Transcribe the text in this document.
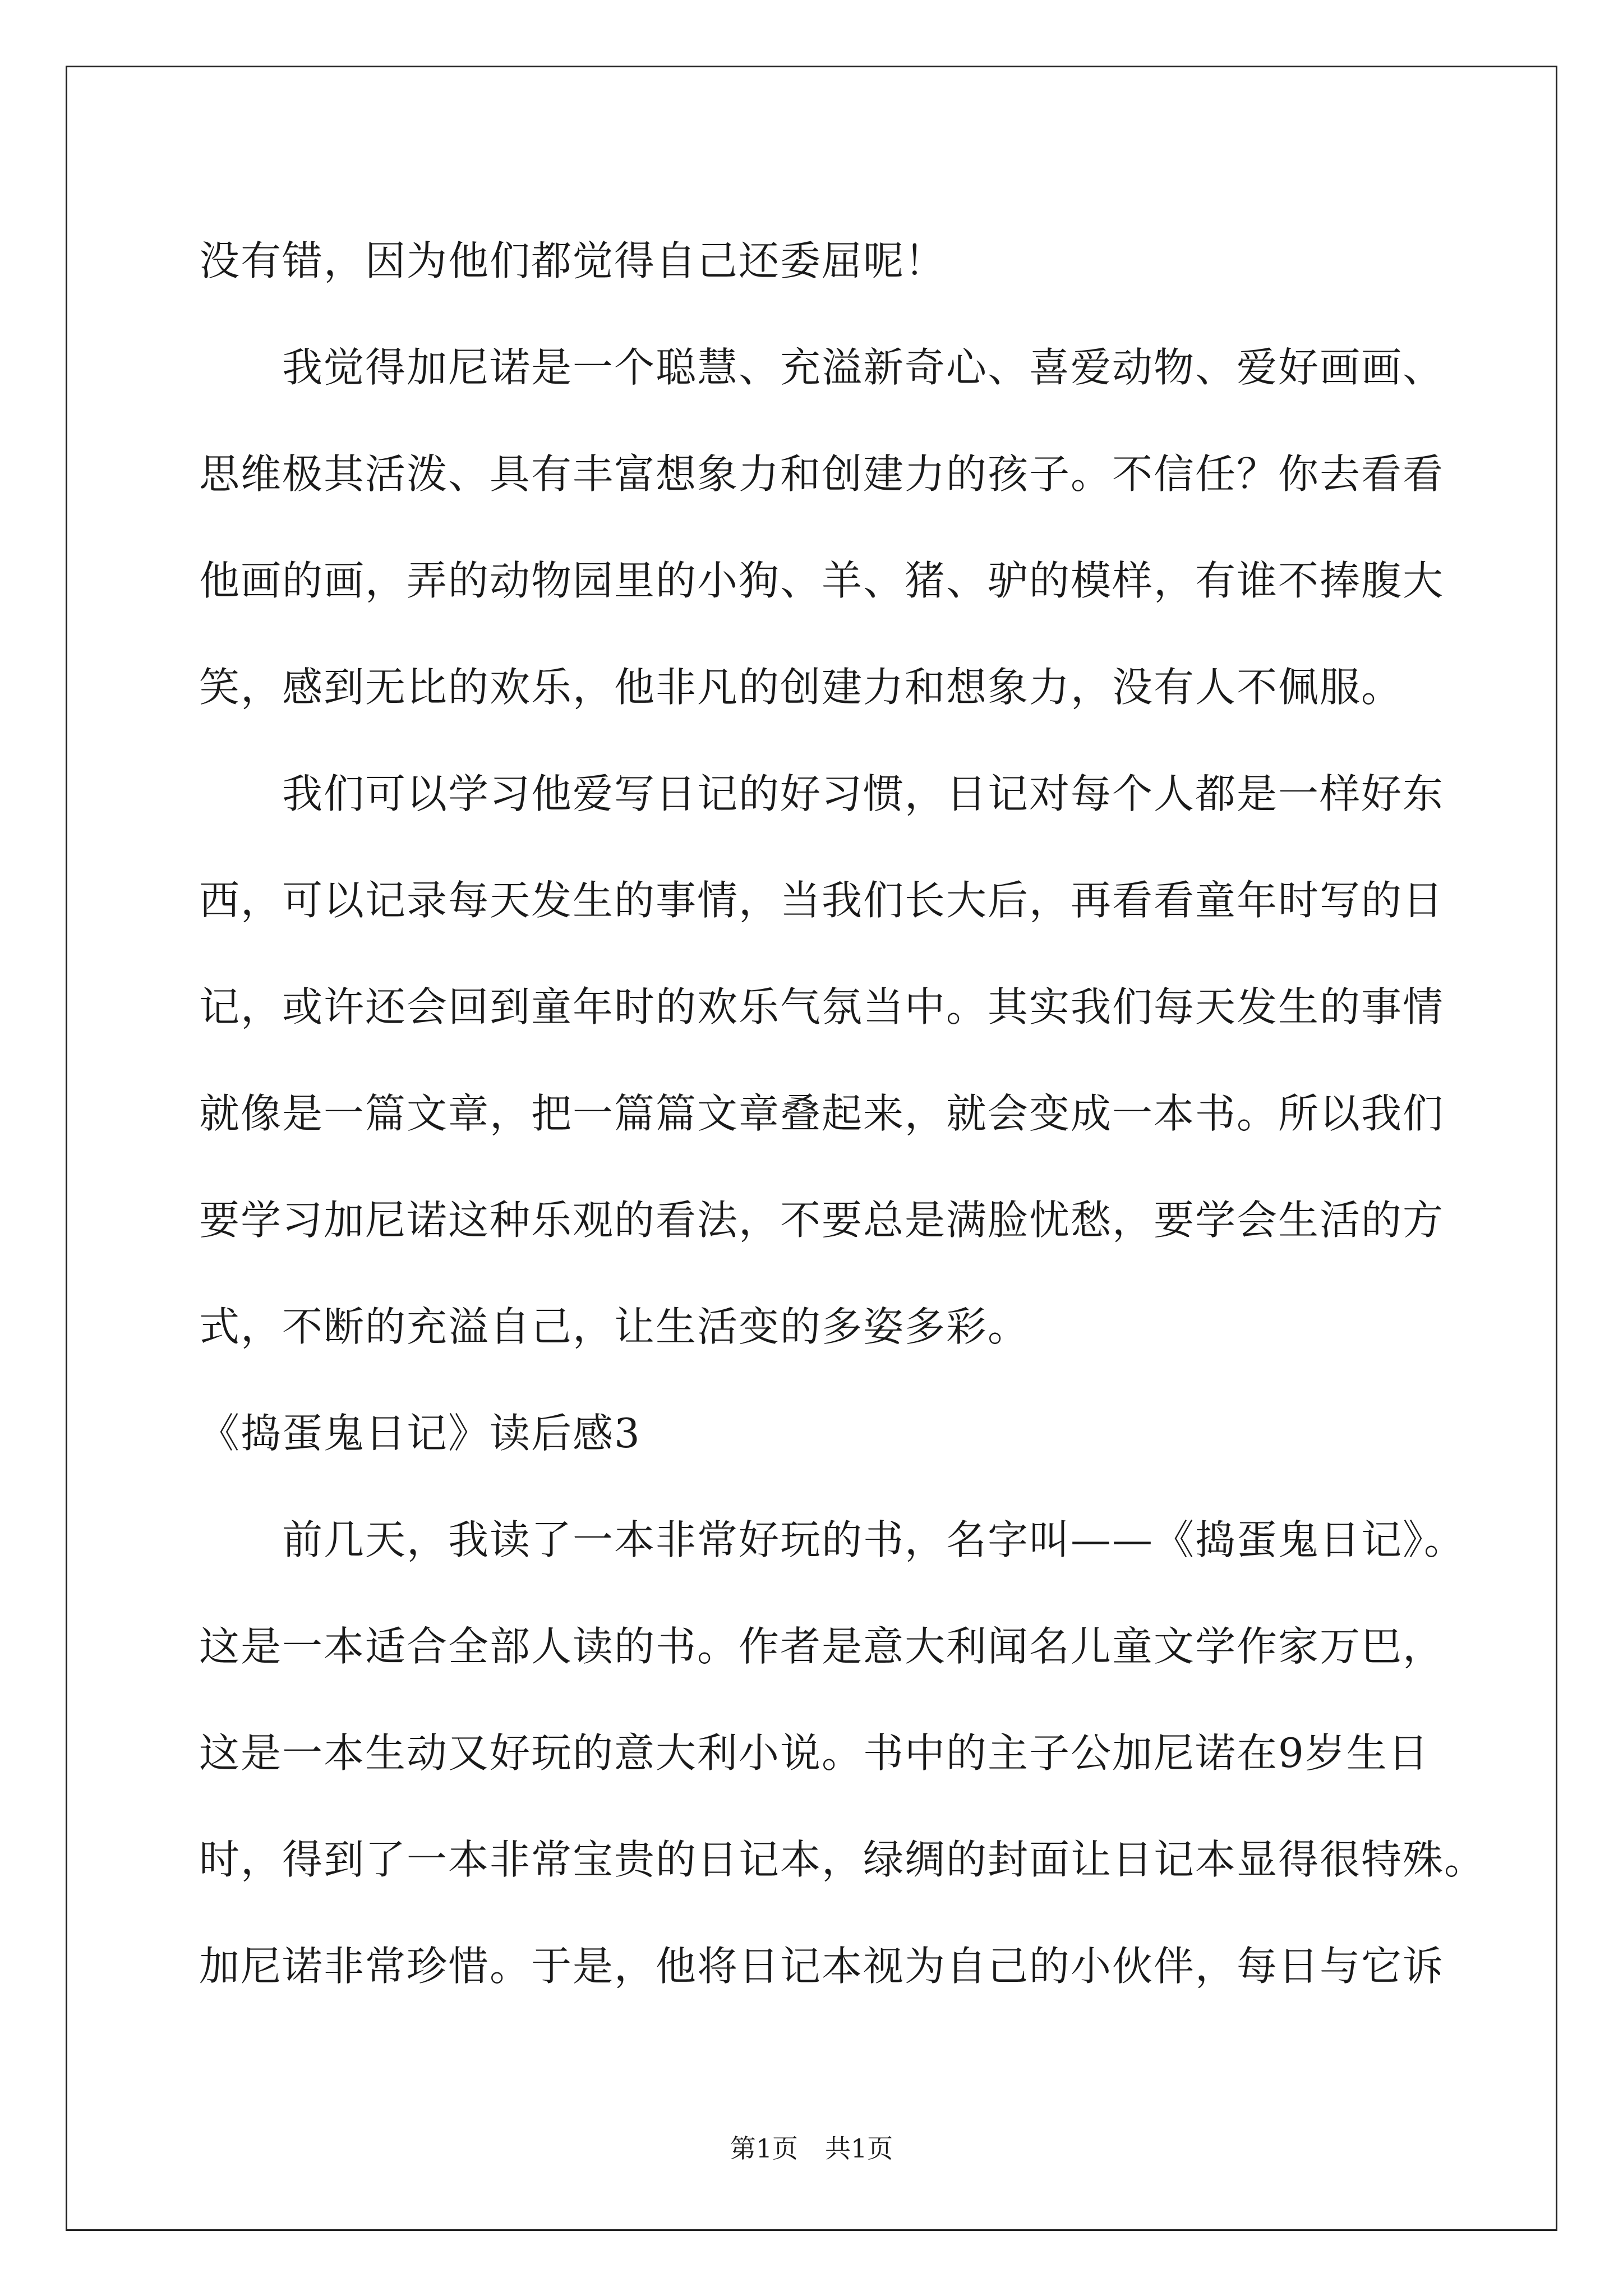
没有错，因为他们都觉得自己还委屈呢！
我觉得加尼诺是一个聪慧、充溢新奇心、喜爱动物、爱好画画、
思维极其活泼、具有丰富想象力和创建力的孩子。不信任？你去看看
他画的画，弄的动物园里的小狗、羊、猪、驴的模样，有谁不捧腹大
笑，感到无比的欢乐，他非凡的创建力和想象力，没有人不佩服。
我们可以学习他爱写日记的好习惯，日记对每个人都是一样好东
西，可以记录每天发生的事情，当我们长大后，再看看童年时写的日
记，或许还会回到童年时的欢乐气氛当中。其实我们每天发生的事情
就像是一篇文章，把一篇篇文章叠起来，就会变成一本书。所以我们
要学习加尼诺这种乐观的看法，不要总是满脸忧愁，要学会生活的方
式，不断的充溢自己，让生活变的多姿多彩。
《捣蛋鬼日记》读后感3
前几天，我读了一本非常好玩的书，名字叫——《捣蛋鬼日记》。
这是一本适合全部人读的书。作者是意大利闻名儿童文学作家万巴，
这是一本生动又好玩的意大利小说。书中的主子公加尼诺在9岁生日
时，得到了一本非常宝贵的日记本，绿绸的封面让日记本显得很特殊。
加尼诺非常珍惜。于是，他将日记本视为自己的小伙伴，每日与它诉
第1页 共1页
